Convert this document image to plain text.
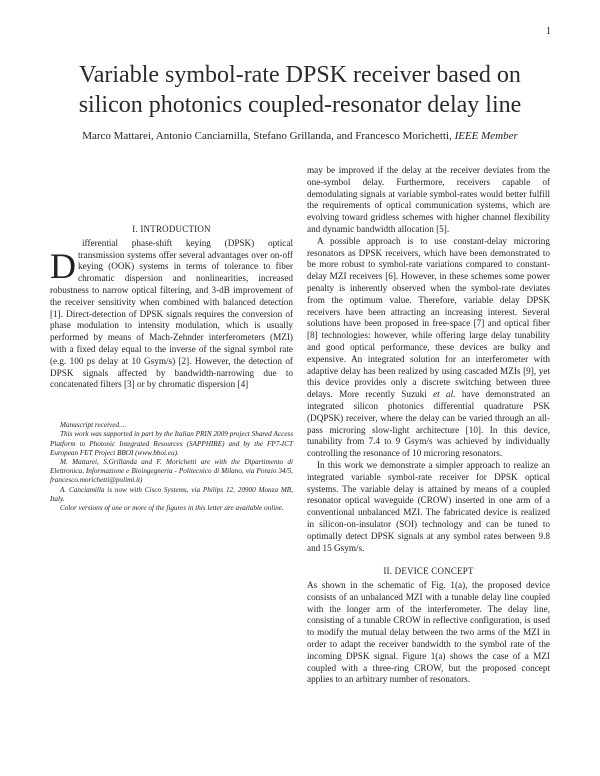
1
Variable symbol-rate DPSK receiver based on
silicon photonics coupled-resonator delay line
Marco Mattarei, Antonio Canciamilla, Stefano Grillanda, and Francesco Morichetti, IEEE Member

I. INTRODUCTION

ifferential phase-shift keying (DPSK) optical

D transmission systems offer several advantages over on-off keying (OOK) systems in terms of tolerance to fiber chromatic dispersion and nonlinearities, increased robustness to narrow optical filtering, and 3-dB improvement of the receiver sensitivity when combined with balanced detection [1]. Direct-detection of DPSK signals requires the conversion of phase modulation to intensity modulation, which is usually performed by means of Mach-Zehnder interferometers (MZI) with a fixed delay equal to the inverse of the signal symbol rate (e.g. 100 ps delay at 10 Gsym/s) [2]. However, the detection of DPSK signals affected by bandwidth-narrowing due to concatenated filters [3] or by chromatic dispersion [4]

Manuscript received....

This work was supported in part by the Italian PRIN 2009 project Shared Access Platform to Photonic Integrated Resources (SAPPHIRE) and by the FP7-ICT European FET Project BBOI (www.bboi.eu).

M. Mattarei, S.Grillanda and F. Morichetti are with the Dipartimento di Elettronica, Informazione e Bioingegneria - Politecnico di Milano, via Ponzio 34/5, francesco.morichetti@polimi.it)

A. Canciamilla is now with Cisco Systems, via Philips 12, 20900 Monza MB, Italy.

Color versions of one or more of the figures in this letter are available online.

may be improved if the delay at the receiver deviates from the one-symbol delay. Furthermore, receivers capable of demodulating signals at variable symbol-rates would better fulfill the requirements of optical communication systems, which are evolving toward gridless schemes with higher channel flexibility and dynamic bandwidth allocation [5].

A possible approach is to use constant-delay microring resonators as DPSK receivers, which have been demonstrated to be more robust to symbol-rate variations compared to constant-delay MZI receivers [6]. However, in these schemes some power penalty is inherently observed when the symbol-rate deviates from the optimum value. Therefore, variable delay DPSK receivers have been attracting an increasing interest. Several solutions have been proposed in free-space [7] and optical fiber [8] technologies: however, while offering large delay tunability and good optical performance, these devices are bulky and expensive. An integrated solution for an interferometer with adaptive delay has been realized by using cascaded MZIs [9], yet this device provides only a discrete switching between three delays. More recently Suzuki et al. have demonstrated an integrated silicon photonics differential quadrature PSK (DQPSK) receiver, where the delay can be varied through an all-pass microring slow-light architecture [10]. In this device, tunability from 7.4 to 9 Gsym/s was achieved by individually controlling the resonance of 10 microring resonators.

In this work we demonstrate a simpler approach to realize an integrated variable symbol-rate receiver for DPSK optical systems. The variable delay is attained by means of a coupled resonator optical waveguide (CROW) inserted in one arm of a conventional unbalanced MZI. The fabricated device is realized in silicon-on-insulator (SOI) technology and can be tuned to optimally detect DPSK signals at any symbol rates between 9.8 and 15 Gsym/s.

II. DEVICE CONCEPT

As shown in the schematic of Fig. 1(a), the proposed device consists of an unbalanced MZI with a tunable delay line coupled with the longer arm of the interferometer. The delay line, consisting of a tunable CROW in reflective configuration, is used to modify the mutual delay between the two arms of the MZI in order to adapt the receiver bandwidth to the symbol rate of the incoming DPSK signal. Figure 1(a) shows the case of a MZI coupled with a three-ring CROW, but the proposed concept applies to an arbitrary number of resonators.
